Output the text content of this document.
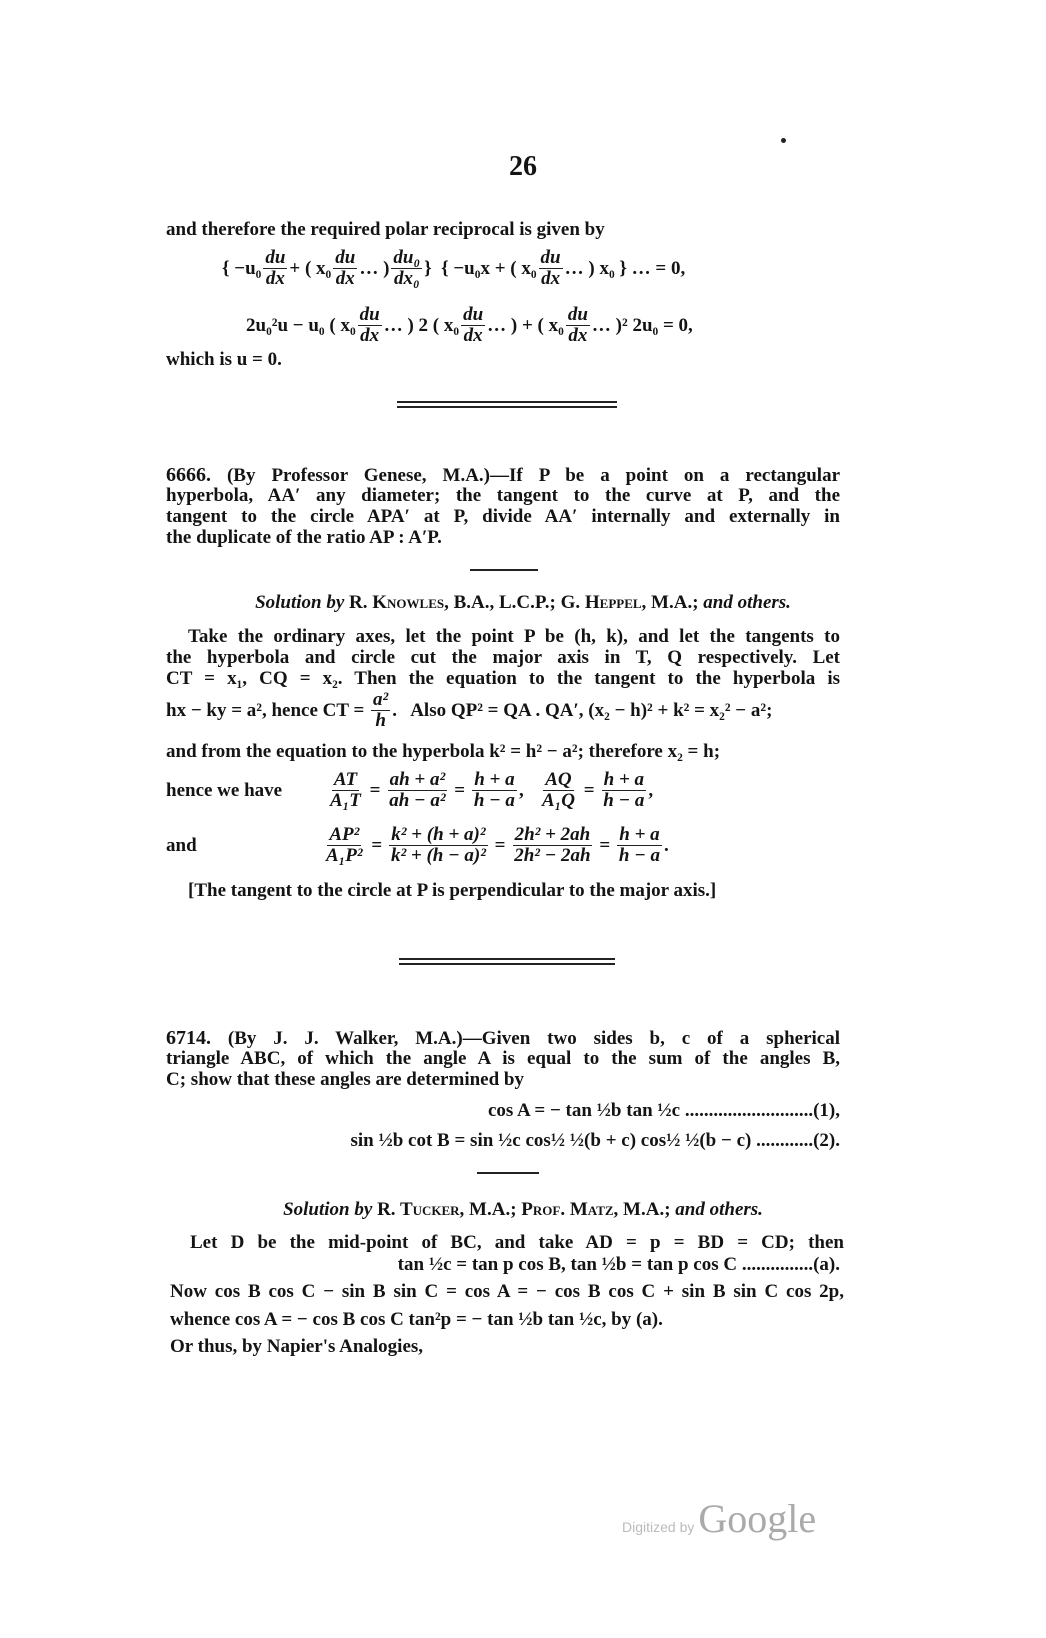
26
and therefore the required polar reciprocal is given by
{ $-u_0 \frac{du}{dx}$ + ( $x_0 \frac{du}{dx}$ … ) $\frac{\text{du₀}}{\text{dx₀}}$ }  { −u₀x + ( $x_0 \frac{du}{dx}$ … ) x₀ } … = 0,
2u₀²u − u₀ ( $x_0 \frac{du}{dx}$ … ) 2 ( $x_0 \frac{du}{dx}$ … ) + ( $x_0 \frac{du}{dx}$ … )² 2u₀ = 0,
which is u = 0.
6666. (By Professor Genese, M.A.)—If P be a point on a rectangular
hyperbola, AA′ any diameter; the tangent to the curve at P, and the
tangent to the circle APA′ at P, divide AA′ internally and externally in
the duplicate of the ratio AP : A′P.
Solution by R. Knowles, B.A., L.C.P.; G. Heppel, M.A.; and others.
Take the ordinary axes, let the point P be (h, k), and let the tangents to
the hyperbola and circle cut the major axis in T, Q respectively. Let
CT = x₁, CQ = x₂. Then the equation to the tangent to the hyperbola is
hx − ky = a², hence CT = $\frac{\text{a²}}{h}$ .   Also QP² = QA . QA′, (x₂ − h)² + k² = x₂² − a²;
and from the equation to the hyperbola k² = h² − a²; therefore x₂ = h;
hence we have $\frac{AT}{\text{A₁T}} = \frac{\text{ah + a²}}{\text{ah − a²}} = \frac{h + a}{h - a}$ , $\frac{AQ}{\text{A₁Q}} = \frac{h + a}{h - a}$ ,
and	$\frac{\text{AP²}}{\text{A₁P²}} = \frac{\text{k² + (h + a)²}}{\text{k² + (h − a)²}} = \frac{\text{2h² + 2ah}}{\text{2h² − 2ah}} = \frac{h + a}{h - a}$ .
[The tangent to the circle at P is perpendicular to the major axis.]
6714. (By J. J. Walker, M.A.)—Given two sides b, c of a spherical
triangle ABC, of which the angle A is equal to the sum of the angles B,
C; show that these angles are determined by
cos A = − tan ½b tan ½c ...........................(1),
sin ½b cot B = sin ½c cos½ ½(b + c) cos½ ½(b − c) ............(2).
Solution by R. Tucker, M.A.; Prof. Matz, M.A.; and others.
Let D be the mid-point of BC, and take AD = p = BD = CD; then
tan ½c = tan p cos B, tan ½b = tan p cos C ...............(a).
Now cos B cos C − sin B sin C = cos A = − cos B cos C + sin B sin C cos 2p,
whence cos A = − cos B cos C tan²p = − tan ½b tan ½c, by (a).
Or thus, by Napier's Analogies,
Digitized by Google
